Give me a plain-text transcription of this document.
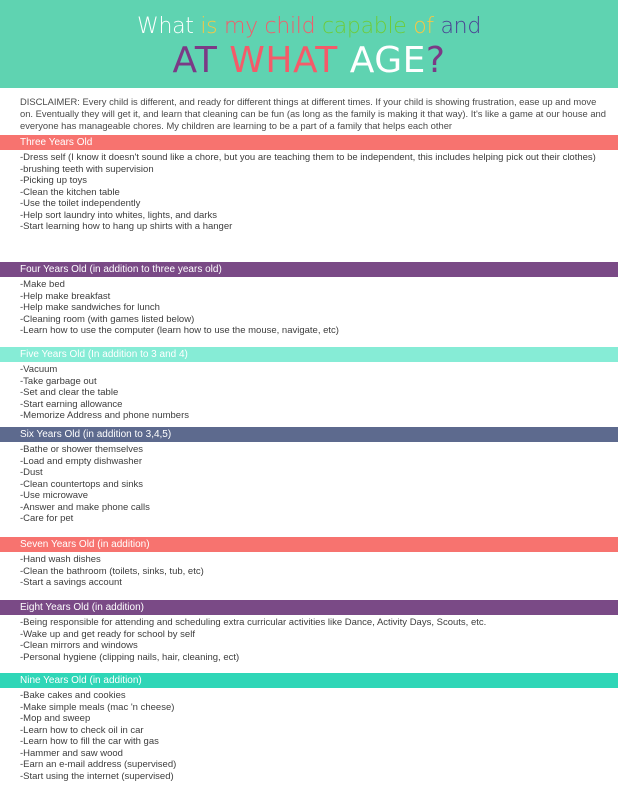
What is my child capable of and
AT WHAT AGE?
DISCLAIMER: Every child is different, and ready for different things at different times. If your child is showing frustration, ease up and move on. Eventually they will get it, and learn that cleaning can be fun (as long as the family is making it that way). It's like a game at our house and everyone has manageable chores. My children are learning to be a part of a family that helps each other
Three Years Old
-Dress self (I know it doesn't sound like a chore, but you are teaching them to be independent, this includes helping pick out their clothes)
-brushing teeth with supervision
-Picking up toys
-Clean the kitchen table
-Use the toilet independently
-Help sort laundry into whites, lights, and darks
-Start learning how to hang up shirts with a hanger
Four Years Old (in addition to three years old)
-Make bed
-Help make breakfast
-Help make sandwiches for lunch
-Cleaning room (with games listed below)
-Learn how to use the computer (learn how to use the mouse, navigate, etc)
Five Years Old (In addition to 3 and 4)
-Vacuum
-Take garbage out
-Set and clear the table
-Start earning allowance
-Memorize Address and phone numbers
Six Years Old (in addition to 3,4,5)
-Bathe or shower themselves
-Load and empty dishwasher
-Dust
-Clean countertops and sinks
-Use microwave
-Answer and make phone calls
-Care for pet
Seven Years Old (in addition)
-Hand wash dishes
-Clean the bathroom (toilets, sinks, tub, etc)
-Start a savings account
Eight Years Old (in addition)
-Being responsible for attending and scheduling extra curricular activities like Dance, Activity Days, Scouts, etc.
-Wake up and get ready for school by self
-Clean mirrors and windows
-Personal hygiene (clipping nails, hair, cleaning, ect)
Nine Years Old (in addition)
-Bake cakes and cookies
-Make simple meals (mac 'n cheese)
-Mop and sweep
-Learn how to check oil in car
-Learn how to fill the car with gas
-Hammer and saw wood
-Earn an e-mail address (supervised)
-Start using the internet (supervised)
